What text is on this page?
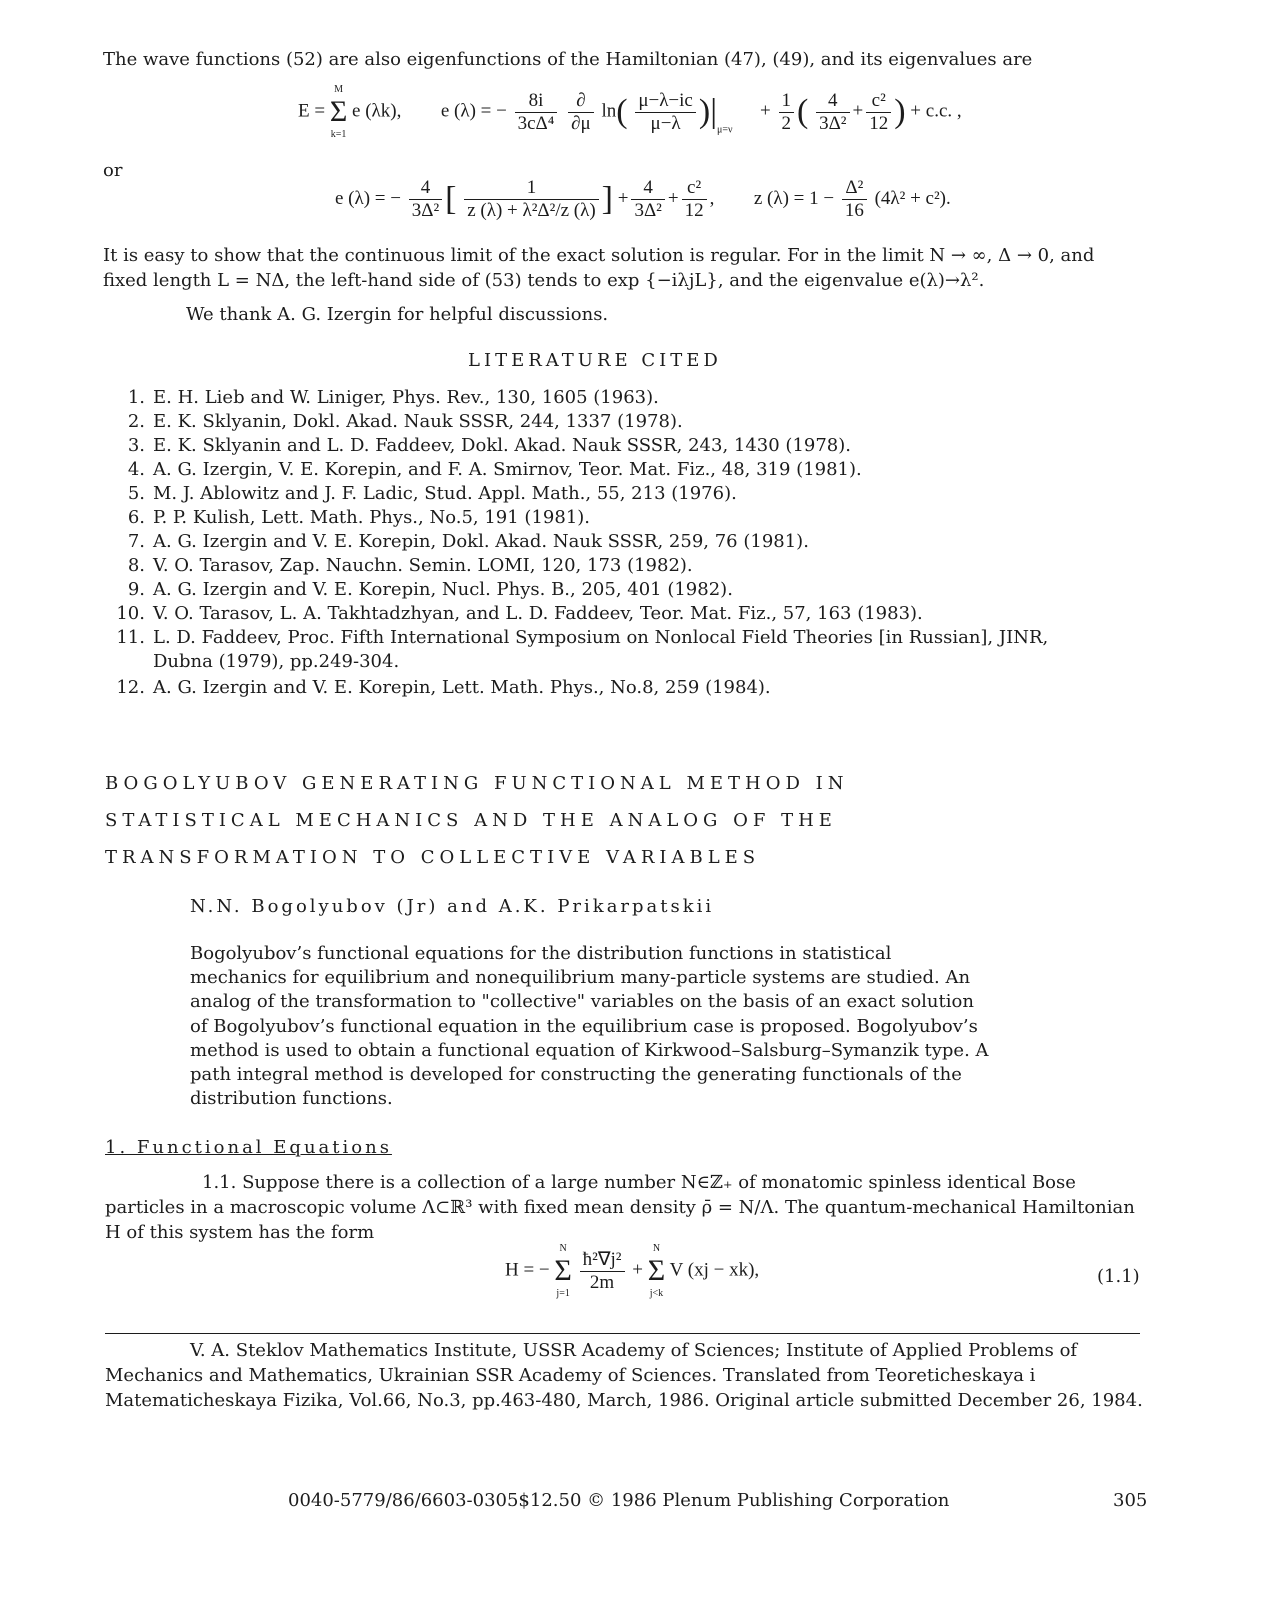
The wave functions (52) are also eigenfunctions of the Hamiltonian (47), (49), and its eigenvalues are
E =
M
Σ
k=1
e (λk), e (λ) = − $\frac{8i}{\text{3cΔ⁴}}$
$\frac{\partial}{\partial\mu} \ln( \frac{\mu-\lambda-ic}{\mu-\lambda} )|_{\mu=\nu} + \frac{1}{2}$ ( $\frac{4}{\text{3Δ²}} + \frac{\text{c²}}{12}$ ) + c.c. ,
or
e (λ) = − $\frac{4}{\text{3Δ²}}$ [ $\frac{1}{\text{z (λ) + λ²Δ²/z (λ)}}$ ] + $\frac{4}{\text{3Δ²}} + \frac{\text{c²}}{12}$ ,  z $(\lambda) = 1 - \frac{\text{Δ²}}{16} (4\lambda^2 + c^2)$.
It is easy to show that the continuous limit of the exact solution is regular. For in the limit N → ∞, Δ → 0, and fixed length L = NΔ, the left-hand side of (53) tends to exp {−iλjL}, and the eigenvalue e(λ)→λ².
We thank A. G. Izergin for helpful discussions.
LITERATURE CITED
1. E. H. Lieb and W. Liniger, Phys. Rev., 130, 1605 (1963).
2. E. K. Sklyanin, Dokl. Akad. Nauk SSSR, 244, 1337 (1978).
3. E. K. Sklyanin and L. D. Faddeev, Dokl. Akad. Nauk SSSR, 243, 1430 (1978).
4. A. G. Izergin, V. E. Korepin, and F. A. Smirnov, Teor. Mat. Fiz., 48, 319 (1981).
5. M. J. Ablowitz and J. F. Ladic, Stud. Appl. Math., 55, 213 (1976).
6. P. P. Kulish, Lett. Math. Phys., No.5, 191 (1981).
7. A. G. Izergin and V. E. Korepin, Dokl. Akad. Nauk SSSR, 259, 76 (1981).
8. V. O. Tarasov, Zap. Nauchn. Semin. LOMI, 120, 173 (1982).
9. A. G. Izergin and V. E. Korepin, Nucl. Phys. B., 205, 401 (1982).
10. V. O. Tarasov, L. A. Takhtadzhyan, and L. D. Faddeev, Teor. Mat. Fiz., 57, 163 (1983).
11. L. D. Faddeev, Proc. Fifth International Symposium on Nonlocal Field Theories [in Russian], JINR,
Dubna (1979), pp.249-304.
12. A. G. Izergin and V. E. Korepin, Lett. Math. Phys., No.8, 259 (1984).
BOGOLYUBOV GENERATING FUNCTIONAL METHOD IN
STATISTICAL MECHANICS AND THE ANALOG OF THE
TRANSFORMATION TO COLLECTIVE VARIABLES
N.N. Bogolyubov (Jr) and A.K. Prikarpatskii
Bogolyubov’s functional equations for the distribution functions in statistical mechanics for equilibrium and nonequilibrium many-particle systems are studied. An analog of the transformation to "collective" variables on the basis of an exact solution of Bogolyubov’s functional equation in the equilibrium case is proposed. Bogolyubov’s method is used to obtain a functional equation of Kirkwood–Salsburg–Symanzik type. A path integral method is developed for constructing the generating functionals of the distribution functions.
1. Functional Equations
1.1. Suppose there is a collection of a large number N∈ℤ₊ of monatomic spinless identical Bose particles in a macroscopic volume Λ⊂ℝ³ with fixed mean density ρ̄ = N/Λ. The quantum-mechanical Hamiltonian H of this system has the form
H = −
N
Σ
j=1
$\frac{\text{ħ²∇j²}}{2m}$ +
N
Σ
j<k
V (xj − xk),	(1.1)
V. A. Steklov Mathematics Institute, USSR Academy of Sciences; Institute of Applied Problems of Mechanics and Mathematics, Ukrainian SSR Academy of Sciences. Translated from Teoreticheskaya i Matematicheskaya Fizika, Vol.66, No.3, pp.463-480, March, 1986. Original article submitted December 26, 1984.
0040-5779/86/6603-0305$12.50 © 1986 Plenum Publishing Corporation	305
